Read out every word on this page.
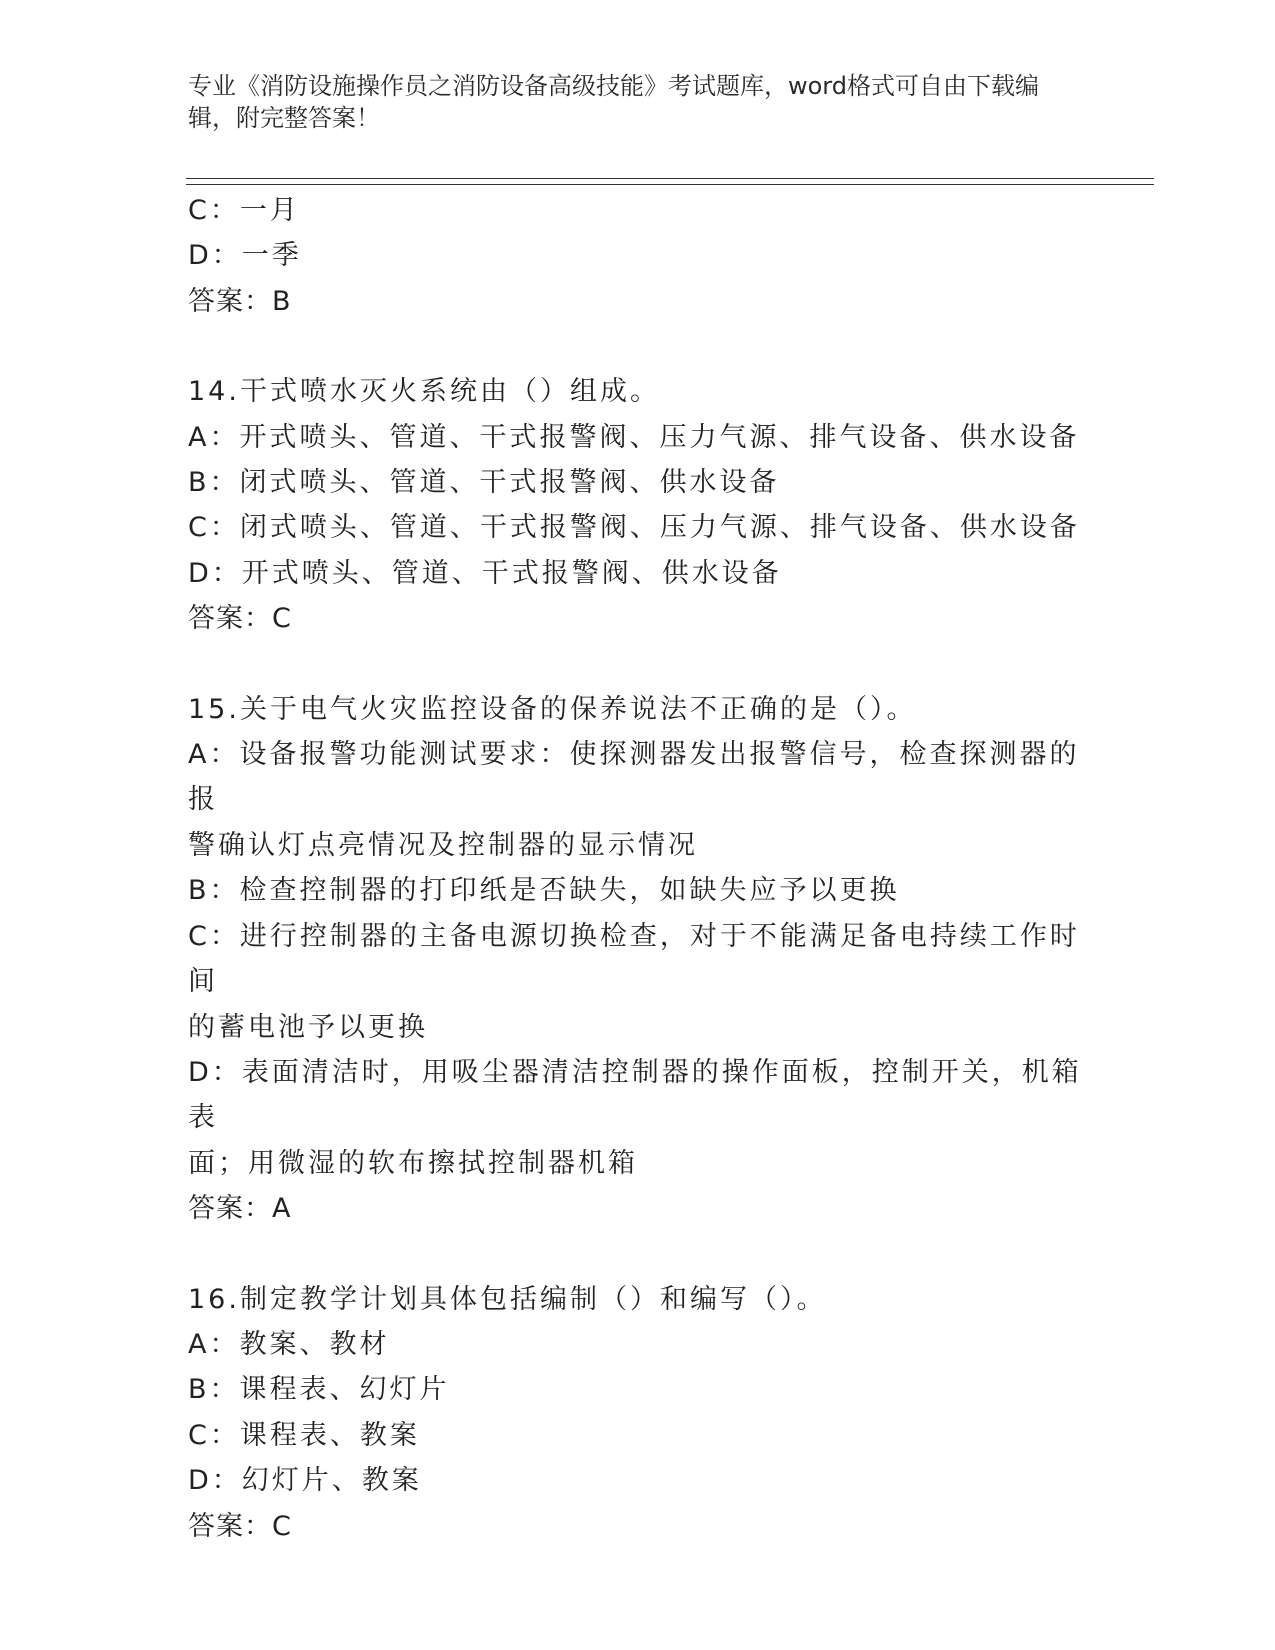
专业《消防设施操作员之消防设备高级技能》考试题库，word格式可自由下载编

辑，附完整答案！

C：一月

D：一季

答案：B

14.干式喷水灭火系统由（）组成。

A：开式喷头、管道、干式报警阀、压力气源、排气设备、供水设备

B：闭式喷头、管道、干式报警阀、供水设备

C：闭式喷头、管道、干式报警阀、压力气源、排气设备、供水设备

D：开式喷头、管道、干式报警阀、供水设备

答案：C

15.关于电气火灾监控设备的保养说法不正确的是（）。

A：设备报警功能测试要求：使探测器发出报警信号，检查探测器的报

警确认灯点亮情况及控制器的显示情况

B：检查控制器的打印纸是否缺失，如缺失应予以更换

C：进行控制器的主备电源切换检查，对于不能满足备电持续工作时间

的蓄电池予以更换

D：表面清洁时，用吸尘器清洁控制器的操作面板，控制开关，机箱表

面；用微湿的软布擦拭控制器机箱

答案：A

16.制定教学计划具体包括编制（）和编写（）。

A：教案、教材

B：课程表、幻灯片

C：课程表、教案

D：幻灯片、教案

答案：C
